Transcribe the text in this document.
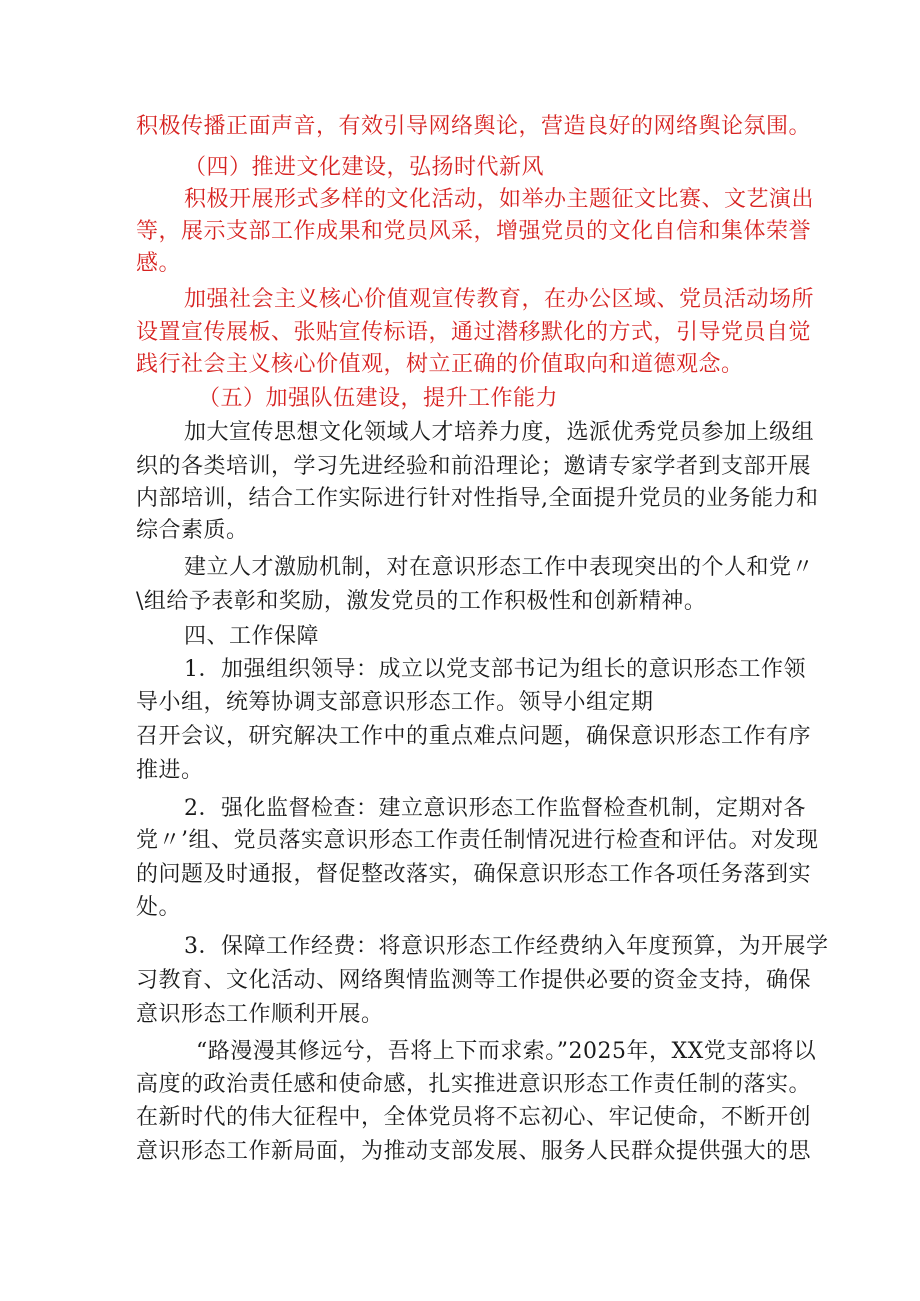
积极传播正面声音，有效引导网络舆论，营造良好的网络舆论氛围。
（四）推进文化建设，弘扬时代新风
积极开展形式多样的文化活动，如举办主题征文比赛、文艺演出
等，展示支部工作成果和党员风采，增强党员的文化自信和集体荣誉
感。
加强社会主义核心价值观宣传教育，在办公区域、党员活动场所
设置宣传展板、张贴宣传标语，通过潜移默化的方式，引导党员自觉
践行社会主义核心价值观，树立正确的价值取向和道德观念。
（五）加强队伍建设，提升工作能力
加大宣传思想文化领域人才培养力度，选派优秀党员参加上级组
织的各类培训，学习先进经验和前沿理论；邀请专家学者到支部开展
内部培训，结合工作实际进行针对性指导,全面提升党员的业务能力和
综合素质。
建立人才激励机制，对在意识形态工作中表现突出的个人和党〃
\组给予表彰和奖励，激发党员的工作积极性和创新精神。
四、工作保障
1．加强组织领导：成立以党支部书记为组长的意识形态工作领
导小组，统筹协调支部意识形态工作。领导小组定期
召开会议，研究解决工作中的重点难点问题，确保意识形态工作有序
推进。
2．强化监督检查：建立意识形态工作监督检查机制，定期对各
党〃’组、党员落实意识形态工作责任制情况进行检查和评估。对发现
的问题及时通报，督促整改落实，确保意识形态工作各项任务落到实
处。
3．保障工作经费：将意识形态工作经费纳入年度预算，为开展学
习教育、文化活动、网络舆情监测等工作提供必要的资金支持，确保
意识形态工作顺利开展。
“路漫漫其修远兮，吾将上下而求索。”2025年，XX党支部将以
高度的政治责任感和使命感，扎实推进意识形态工作责任制的落实。
在新时代的伟大征程中，全体党员将不忘初心、牢记使命，不断开创
意识形态工作新局面，为推动支部发展、服务人民群众提供强大的思
